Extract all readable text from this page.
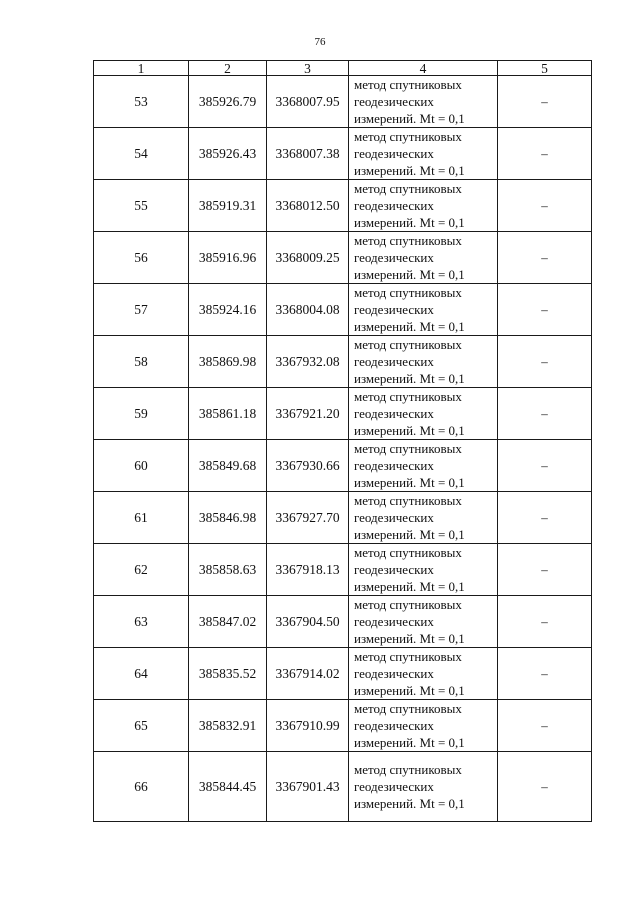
76
1	2	3	4	5
53	385926.79	3368007.95	метод спутниковых
геодезических
измерений. Mt = 0,1	–
54	385926.43	3368007.38	метод спутниковых
геодезических
измерений. Mt = 0,1	–
55	385919.31	3368012.50	метод спутниковых
геодезических
измерений. Mt = 0,1	–
56	385916.96	3368009.25	метод спутниковых
геодезических
измерений. Mt = 0,1	–
57	385924.16	3368004.08	метод спутниковых
геодезических
измерений. Mt = 0,1	–
58	385869.98	3367932.08	метод спутниковых
геодезических
измерений. Mt = 0,1	–
59	385861.18	3367921.20	метод спутниковых
геодезических
измерений. Mt = 0,1	–
60	385849.68	3367930.66	метод спутниковых
геодезических
измерений. Mt = 0,1	–
61	385846.98	3367927.70	метод спутниковых
геодезических
измерений. Mt = 0,1	–
62	385858.63	3367918.13	метод спутниковых
геодезических
измерений. Mt = 0,1	–
63	385847.02	3367904.50	метод спутниковых
геодезических
измерений. Mt = 0,1	–
64	385835.52	3367914.02	метод спутниковых
геодезических
измерений. Mt = 0,1	–
65	385832.91	3367910.99	метод спутниковых
геодезических
измерений. Mt = 0,1	–
66	385844.45	3367901.43	метод спутниковых
геодезических
измерений. Mt = 0,1	–
